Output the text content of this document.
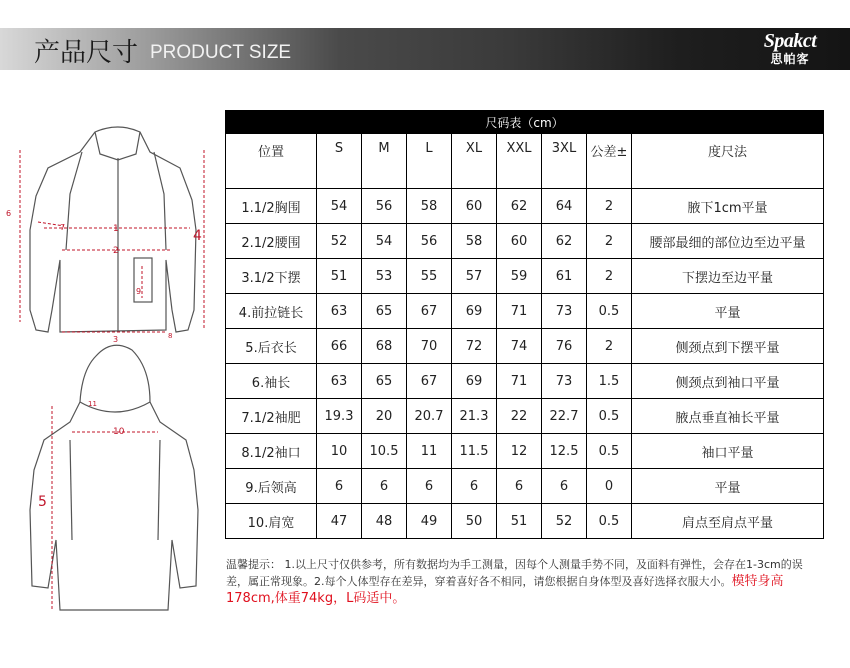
产品尺寸 PRODUCT SIZE
Spakct
思帕客
6
7	1
2
4
9
3	8
11
10
5
尺码表（cm）								
位置	S	M	L	XL	XXL	3XL	公差±	度尺法
1.1/2胸围	54	56	58	60	62	64	2	腋下1cm平量
2.1/2腰围	52	54	56	58	60	62	2	腰部最细的部位边至边平量
3.1/2下摆	51	53	55	57	59	61	2	下摆边至边平量
4.前拉链长	63	65	67	69	71	73	0.5	平量
5.后衣长	66	68	70	72	74	76	2	侧颈点到下摆平量
6.袖长	63	65	67	69	71	73	1.5	侧颈点到袖口平量
7.1/2袖肥	19.3	20	20.7	21.3	22	22.7	0.5	腋点垂直袖长平量
8.1/2袖口	10	10.5	11	11.5	12	12.5	0.5	袖口平量
9.后领高	6	6	6	6	6	6	0	平量
10.肩宽	47	48	49	50	51	52	0.5	肩点至肩点平量
温馨提示： 1.以上尺寸仅供参考，所有数据均为手工测量，因每个人测量手势不同，及面料有弹性，会存在1-3cm的误差，属正常现象。2.每个人体型存在差异，穿着喜好各不相同，请您根据自身体型及喜好选择衣服大小。模特身高178cm,体重74kg，L码适中。
